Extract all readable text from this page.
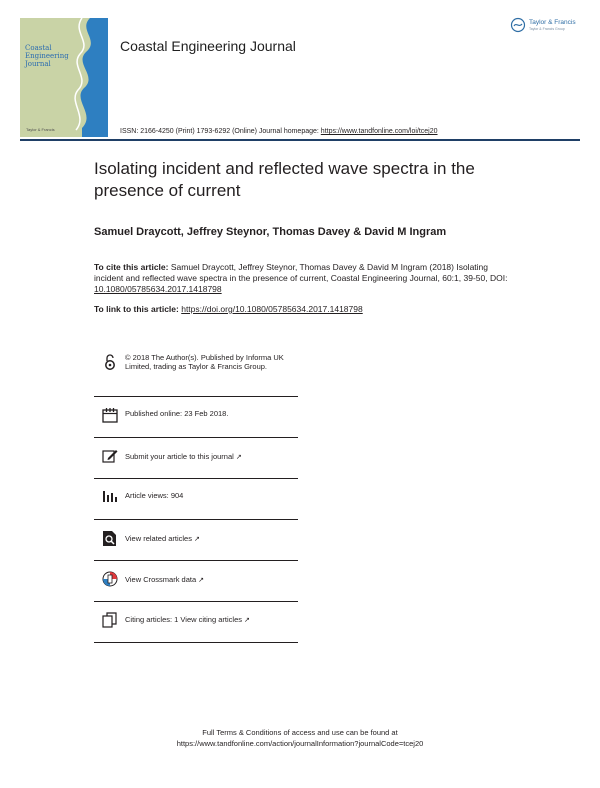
Coastal
Engineering
Journal
Taylor & Francis
Coastal Engineering Journal
Taylor & Francis
Taylor & Francis Group
ISSN: 2166-4250 (Print) 1793-6292 (Online) Journal homepage: https://www.tandfonline.com/loi/tcej20
Isolating incident and reflected wave spectra in the presence of current
Samuel Draycott, Jeffrey Steynor, Thomas Davey & David M Ingram
To cite this article: Samuel Draycott, Jeffrey Steynor, Thomas Davey & David M Ingram (2018) Isolating incident and reflected wave spectra in the presence of current, Coastal Engineering Journal, 60:1, 39-50, DOI: 10.1080/05785634.2017.1418798
To link to this article: https://doi.org/10.1080/05785634.2017.1418798
© 2018 The Author(s). Published by Informa UK Limited, trading as Taylor & Francis Group.
Published online: 23 Feb 2018.
Submit your article to this journal ↗
Article views: 904
View related articles ↗
View Crossmark data ↗
Citing articles: 1 View citing articles ↗
Full Terms & Conditions of access and use can be found at
https://www.tandfonline.com/action/journalInformation?journalCode=tcej20
